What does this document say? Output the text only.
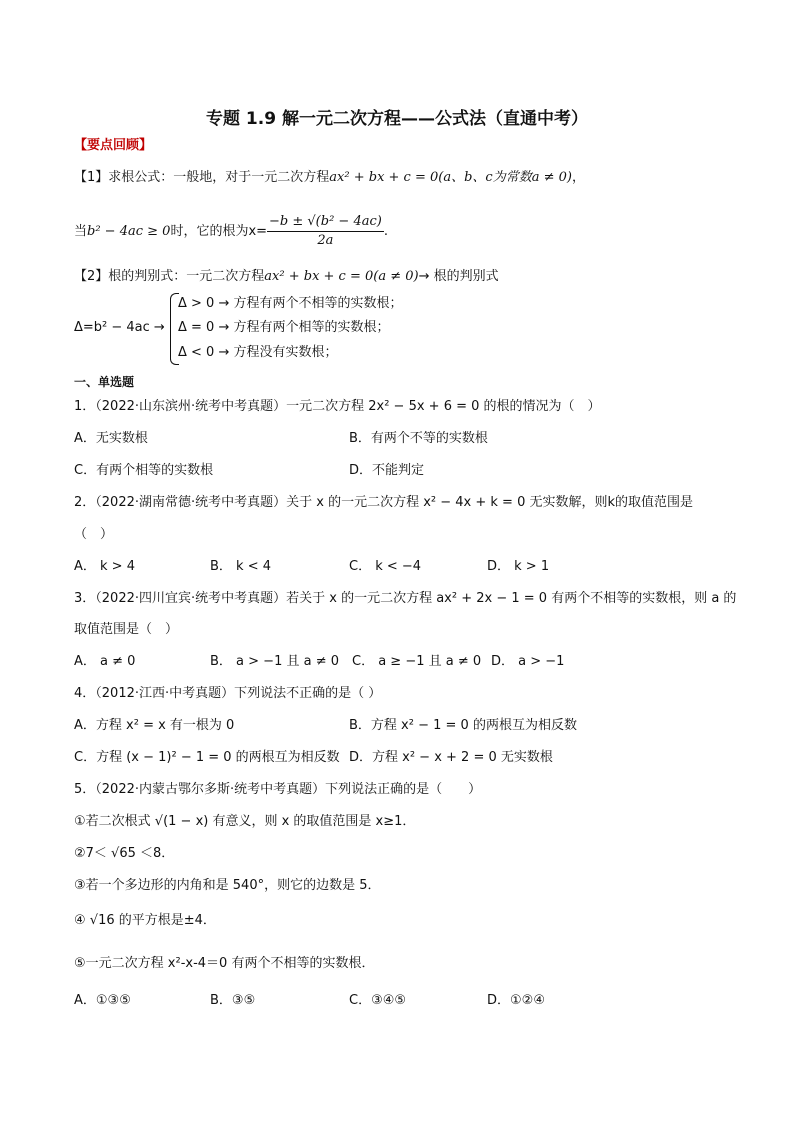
专题 1.9 解一元二次方程——公式法（直通中考）
【要点回顾】
【1】求根公式：一般地，对于一元二次方程ax² + bx + c = 0(a、b、c为常数a ≠ 0)，
当b² − 4ac ≥ 0时，它的根为$x= \frac{\text{−b ± √(b² − 4ac)}}{2a}$ .
【2】根的判别式：一元二次方程ax² + bx + c = 0(a ≠ 0)→ 根的判别式
Δ=b² − 4ac →
Δ > 0 → 方程有两个不相等的实数根；
Δ = 0 → 方程有两个相等的实数根；
Δ < 0 → 方程没有实数根；
一、单选题
1．（2022·山东滨州·统考中考真题）一元二次方程 2x² − 5x + 6 = 0 的根的情况为（　）
A．无实数根	B．有两个不等的实数根
C．有两个相等的实数根	D．不能判定
2．（2022·湖南常德·统考中考真题）关于 x 的一元二次方程 x² − 4x + k = 0 无实数解，则k的取值范围是
（　）
A． k > 4	B． k < 4	C． k < −4	D． k > 1
3．（2022·四川宜宾·统考中考真题）若关于 x 的一元二次方程 ax² + 2x − 1 = 0 有两个不相等的实数根，则 a 的
取值范围是（　）
A． a ≠ 0	B． a > −1 且 a ≠ 0 C． a ≥ −1 且 a ≠ 0 D． a > −1
4．（2012·江西·中考真题）下列说法不正确的是（ ）
A．方程 x² = x 有一根为 0	B．方程 x² − 1 = 0 的两根互为相反数
C．方程 (x − 1)² − 1 = 0 的两根互为相反数 D．方程 x² − x + 2 = 0 无实数根
5．（2022·内蒙古鄂尔多斯·统考中考真题）下列说法正确的是（　　）
①若二次根式 √(1 − x) 有意义，则 x 的取值范围是 x≥1．
②7＜ √65 ＜8．
③若一个多边形的内角和是 540°，则它的边数是 5．
④ √16 的平方根是±4．
⑤一元二次方程 x²-x-4＝0 有两个不相等的实数根．
A．①③⑤	B．③⑤	C．③④⑤	D．①②④
